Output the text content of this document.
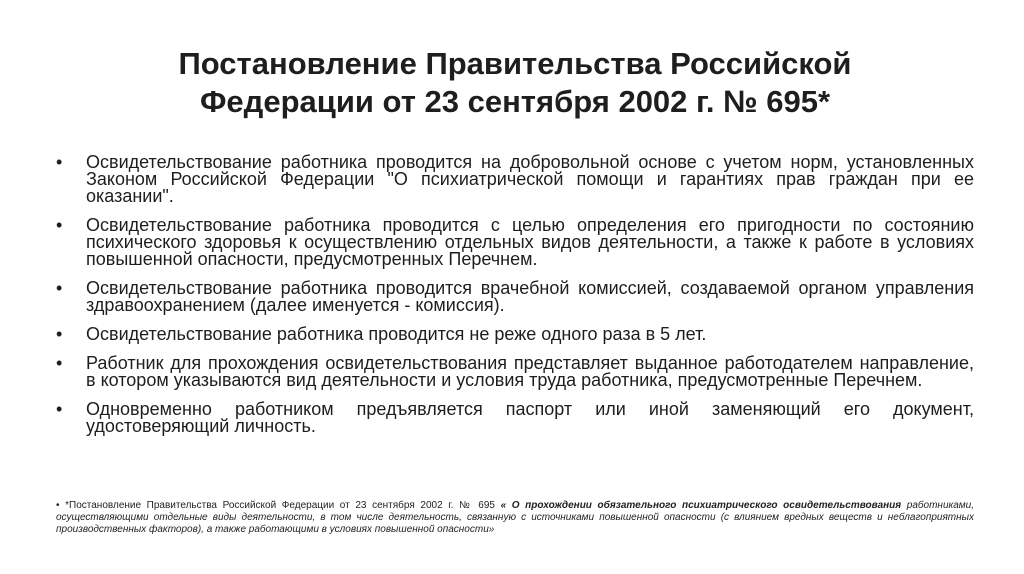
Постановление Правительства Российской
Федерации от 23 сентября 2002 г. № 695*
• Освидетельствование работника проводится на добровольной основе с учетом норм, установленных Законом Российской Федерации "О психиатрической помощи и гарантиях прав граждан при ее оказании".
• Освидетельствование работника проводится с целью определения его пригодности по состоянию психического здоровья к осуществлению отдельных видов деятельности, а также к работе в условиях повышенной опасности, предусмотренных Перечнем.
• Освидетельствование работника проводится врачебной комиссией, создаваемой органом управления здравоохранением (далее именуется - комиссия).
• Освидетельствование работника проводится не реже одного раза в 5 лет.
• Работник для прохождения освидетельствования представляет выданное работодателем направление, в котором указываются вид деятельности и условия труда работника, предусмотренные Перечнем.
• Одновременно работником предъявляется паспорт или иной заменяющий его документ, удостоверяющий личность.
• *Постановление Правительства Российской Федерации от 23 сентября 2002 г. № 695 « О прохождении обязательного психиатрического освидетельствования работниками, осуществляющими отдельные виды деятельности, в том числе деятельность, связанную с источниками повышенной опасности (с влиянием вредных веществ и неблагоприятных производственных факторов), а также работающими в условиях повышенной опасности»
